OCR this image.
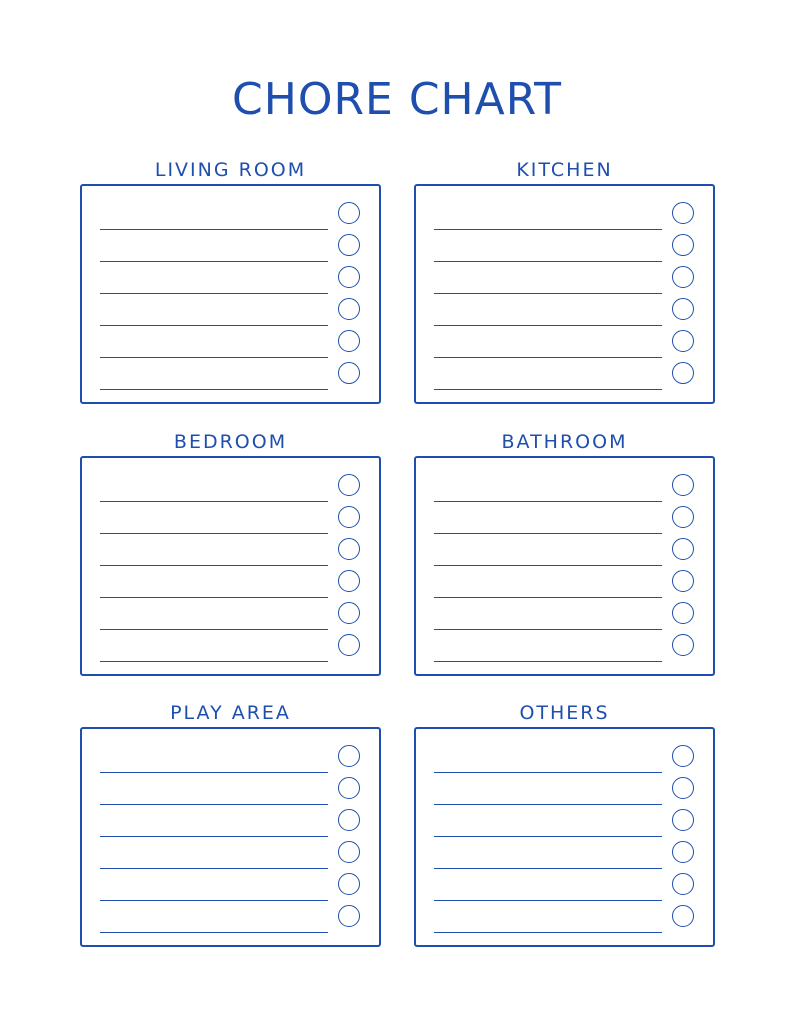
CHORE CHART
LIVING ROOM	KITCHEN
BEDROOM	BATHROOM
PLAY AREA	OTHERS
